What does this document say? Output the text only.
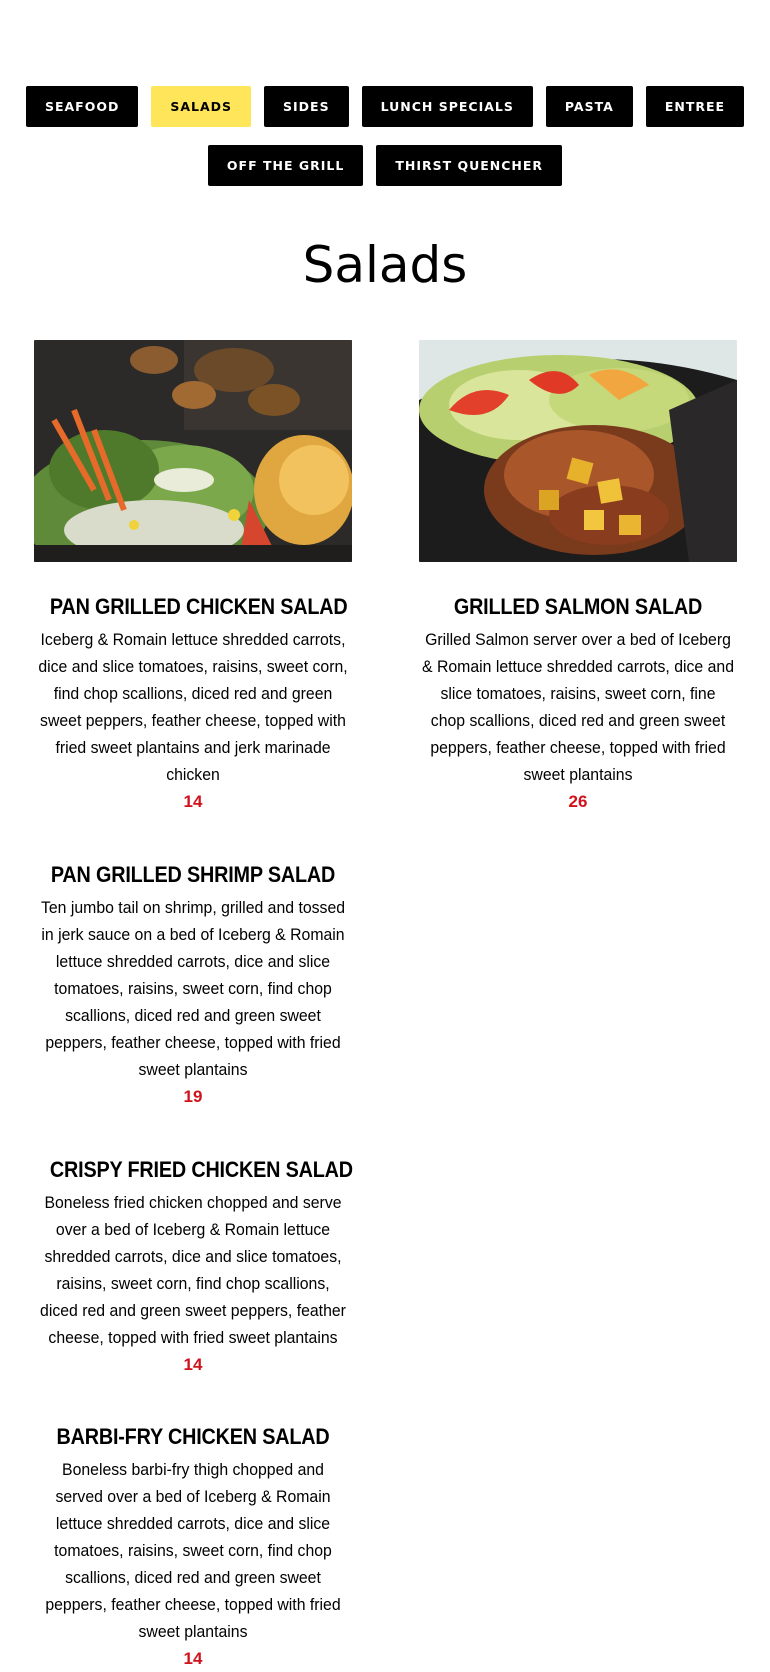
SEAFOOD	SALADS	SIDES	LUNCH SPECIALS	PASTA	ENTREE
OFF THE GRILL	THIRST QUENCHER
Salads
PAN GRILLED CHICKEN SALAD
Iceberg & Romain lettuce shredded carrots, dice and slice tomatoes, raisins, sweet corn, find chop scallions, diced red and green sweet peppers, feather cheese, topped with fried sweet plantains and jerk marinade chicken
14
GRILLED SALMON SALAD
Grilled Salmon server over a bed of Iceberg & Romain lettuce shredded carrots, dice and slice tomatoes, raisins, sweet corn, fine chop scallions, diced red and green sweet peppers, feather cheese, topped with fried sweet plantains
26
PAN GRILLED SHRIMP SALAD
Ten jumbo tail on shrimp, grilled and tossed in jerk sauce on a bed of Iceberg & Romain lettuce shredded carrots, dice and slice tomatoes, raisins, sweet corn, find chop scallions, diced red and green sweet peppers, feather cheese, topped with fried sweet plantains
19
CRISPY FRIED CHICKEN SALAD
Boneless fried chicken chopped and serve over a bed of Iceberg & Romain lettuce shredded carrots, dice and slice tomatoes, raisins, sweet corn, find chop scallions, diced red and green sweet peppers, feather cheese, topped with fried sweet plantains
14
BARBI-FRY CHICKEN SALAD
Boneless barbi-fry thigh chopped and served over a bed of Iceberg & Romain lettuce shredded carrots, dice and slice tomatoes, raisins, sweet corn, find chop scallions, diced red and green sweet peppers, feather cheese, topped with fried sweet plantains
14
